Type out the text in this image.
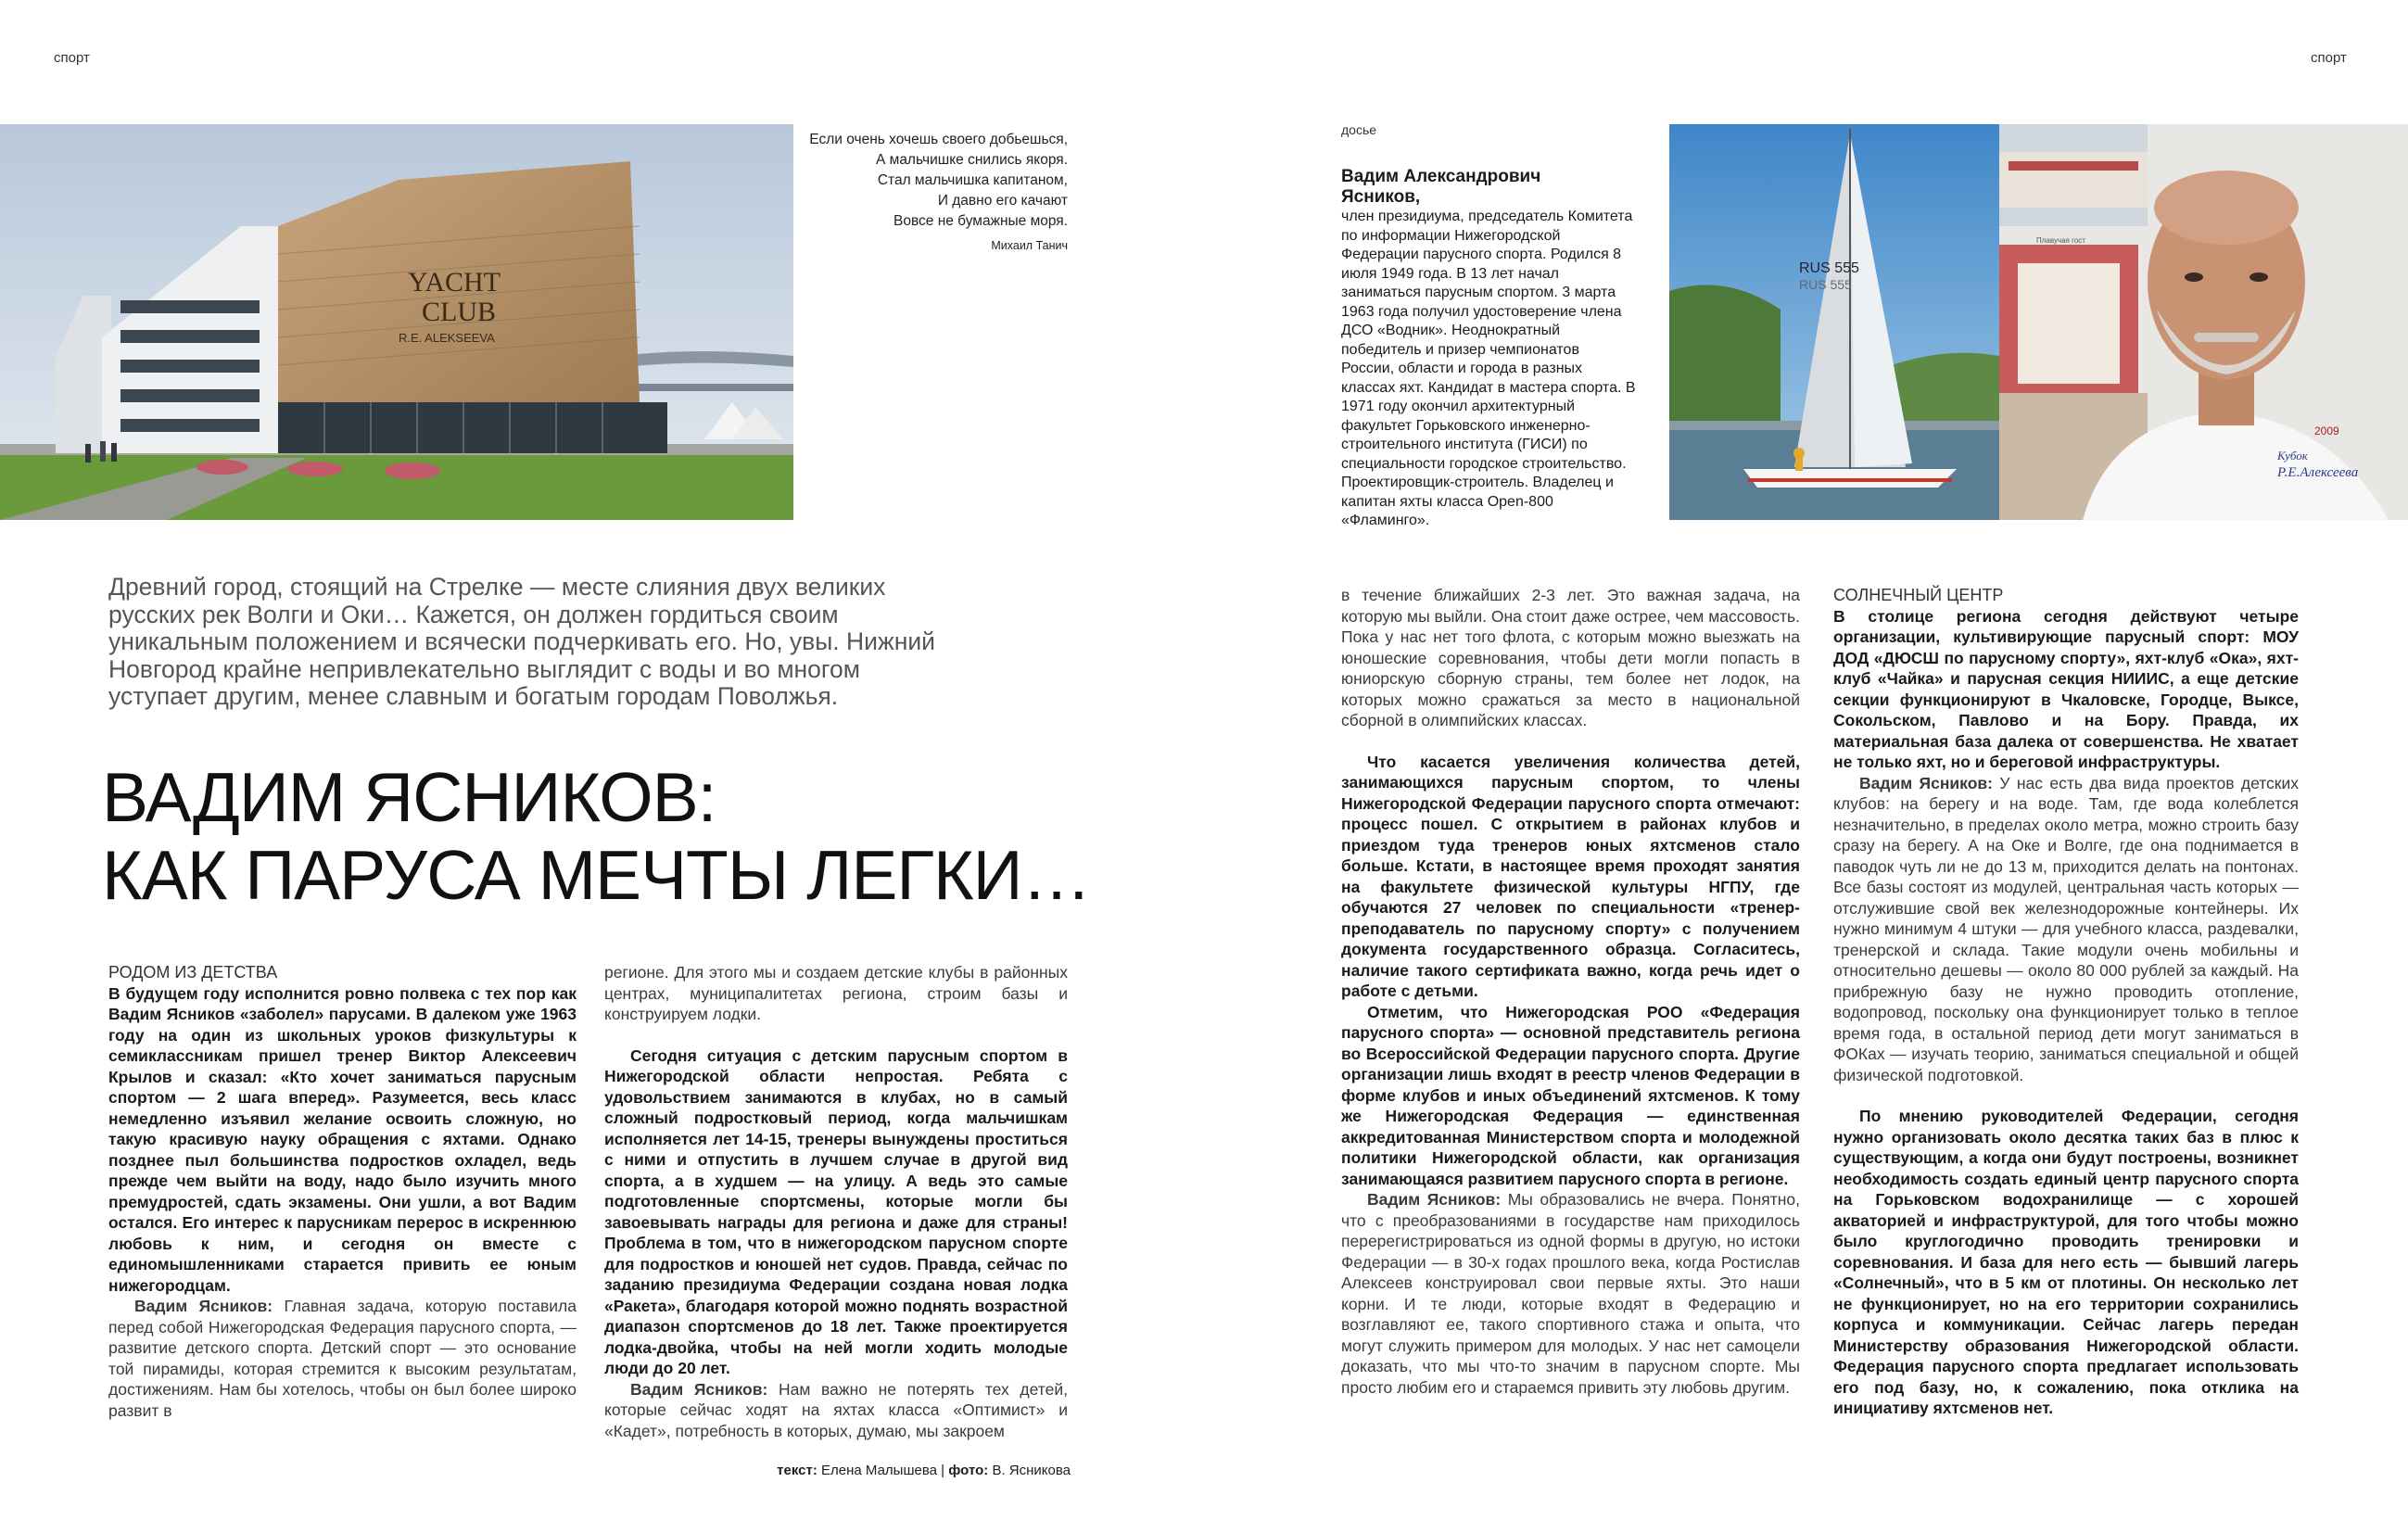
спорт	спорт
YACHT
CLUB
R.E. ALEKSEEVA
Если очень хочешь своего добьешься,
А мальчишке снились якоря.
Стал мальчишка капитаном,
И давно его качают
Вовсе не бумажные моря.
Михаил Танич
Древний город, стоящий на Стрелке — месте слияния двух великих русских рек Волги и Оки… Кажется, он должен гордиться своим уникальным положением и всячески подчеркивать его. Но, увы. Нижний Новгород крайне непривлекательно выглядит с воды и во многом уступает другим, менее славным и богатым городам Поволжья.
ВАДИМ ЯСНИКОВ:
КАК ПАРУСА МЕЧТЫ ЛЕГКИ…

РОДОМ ИЗ ДЕТСТВА

В будущем году исполнится ровно полвека с тех пор как Вадим Ясников «заболел» парусами. В далеком уже 1963 году на один из школьных уроков физкультуры к семиклассникам пришел тренер Виктор Алексеевич Крылов и сказал: «Кто хочет заниматься парусным спортом — 2 шага вперед». Разумеется, весь класс немедленно изъявил желание освоить сложную, но такую красивую науку обращения с яхтами. Однако позднее пыл большинства подростков охладел, ведь прежде чем выйти на воду, надо было изучить много премудростей, сдать экзамены. Они ушли, а вот Вадим остался. Его интерес к парусникам перерос в искреннюю любовь к ним, и сегодня он вместе с единомышленниками старается привить ее юным нижегородцам.

Вадим Ясников: Главная задача, которую поставила перед собой Нижегородская Федерация парусного спорта, — развитие детского спорта. Детский спорт — это основание той пирамиды, которая стремится к высоким результатам, достижениям. Нам бы хотелось, чтобы он был более широко развит в

регионе. Для этого мы и создаем детские клубы в районных центрах, муниципалитетах региона, строим базы и конструируем лодки.

Сегодня ситуация с детским парусным спортом в Нижегородской области непростая. Ребята с удовольствием занимаются в клубах, но в самый сложный подростковый период, когда мальчишкам исполняется лет 14-15, тренеры вынуждены проститься с ними и отпустить в лучшем случае в другой вид спорта, а в худшем — на улицу. А ведь это самые подготовленные спортсмены, которые могли бы завоевывать награды для региона и даже для страны! Проблема в том, что в нижегородском парусном спорте для подростков и юношей нет судов. Правда, сейчас по заданию президиума Федерации создана новая лодка «Ракета», благодаря которой можно поднять возрастной диапазон спортсменов до 18 лет. Также проектируется лодка-двойка, чтобы на ней могли ходить молодые люди до 20 лет.

Вадим Ясников: Нам важно не потерять тех детей, которые сейчас ходят на яхтах класса «Оптимист» и «Кадет», потребность в которых, думаю, мы закроем

текст: Елена Малышева | фото: В. Ясникова
досье
Вадим Александрович
Ясников,
член президиума, председатель Комитета по информации Нижегородской Федерации парусного спорта. Родился 8 июля 1949 года. В 13 лет начал заниматься парусным спортом. 3 марта 1963 года получил удостоверение члена ДСО «Водник». Неоднократный победитель и призер чемпионатов России, области и города в разных классах яхт. Кандидат в мастера спорта. В 1971 году окончил архитектурный факультет Горьковского инженерно-строительного института (ГИСИ) по специальности городское строительство. Проектировщик-строитель. Владелец и капитан яхты класса Open-800 «Фламинго».
RUS 555
RUS 555
Плавучая гост
2009
Кубок
Р.Е.Алексеева

в течение ближайших 2-3 лет. Это важная задача, на которую мы выйли. Она стоит даже острее, чем массовость. Пока у нас нет того флота, с которым можно выезжать на юношеские соревнования, чтобы дети могли попасть в юниорскую сборную страны, тем более нет лодок, на которых можно сражаться за место в национальной сборной в олимпийских классах.

Что касается увеличения количества детей, занимающихся парусным спортом, то члены Нижегородской Федерации парусного спорта отмечают: процесс пошел. С открытием в районах клубов и приездом туда тренеров юных яхтсменов стало больше. Кстати, в настоящее время проходят занятия на факультете физической культуры НГПУ, где обучаются 27 человек по специальности «тренер-преподаватель по парусному спорту» с получением документа государственного образца. Согласитесь, наличие такого сертификата важно, когда речь идет о работе с детьми.

Отметим, что Нижегородская РОО «Федерация парусного спорта» — основной представитель региона во Всероссийской Федерации парусного спорта. Другие организации лишь входят в реестр членов Федерации в форме клубов и иных объединений яхтсменов. К тому же Нижегородская Федерация — единственная аккредитованная Министерством спорта и молодежной политики Нижегородской области, как организация занимающаяся развитием парусного спорта в регионе.

Вадим Ясников: Мы образовались не вчера. Понятно, что с преобразованиями в государстве нам приходилось перерегистрироваться из одной формы в другую, но истоки Федерации — в 30-х годах прошлого века, когда Ростислав Алексеев конструировал свои первые яхты. Это наши корни. И те люди, которые входят в Федерацию и возглавляют ее, такого спортивного стажа и опыта, что могут служить примером для молодых. У нас нет самоцели доказать, что мы что-то значим в парусном спорте. Мы просто любим его и стараемся привить эту любовь другим.

СОЛНЕЧНЫЙ ЦЕНТР

В столице региона сегодня действуют четыре организации, культивирующие парусный спорт: МОУ ДОД «ДЮСШ по парусному спорту», яхт-клуб «Ока», яхт-клуб «Чайка» и парусная секция НИИИС, а еще детские секции функционируют в Чкаловске, Городце, Выксе, Сокольском, Павлово и на Бору. Правда, их материальная база далека от совершенства. Не хватает не только яхт, но и береговой инфраструктуры.

Вадим Ясников: У нас есть два вида проектов детских клубов: на берегу и на воде. Там, где вода колеблется незначительно, в пределах около метра, можно строить базу сразу на берегу. А на Оке и Волге, где она поднимается в паводок чуть ли не до 13 м, приходится делать на понтонах. Все базы состоят из модулей, центральная часть которых — отслужившие свой век железнодорожные контейнеры. Их нужно минимум 4 штуки — для учебного класса, раздевалки, тренерской и склада. Такие модули очень мобильны и относительно дешевы — около 80 000 рублей за каждый. На прибрежную базу не нужно проводить отопление, водопровод, поскольку она функционирует только в теплое время года, в остальной период дети могут заниматься в ФОКах — изучать теорию, заниматься специальной и общей физической подготовкой.

По мнению руководителей Федерации, сегодня нужно организовать около десятка таких баз в плюс к существующим, а когда они будут построены, возникнет необходимость создать единый центр парусного спорта на Горьковском водохранилище — с хорошей акваторией и инфраструктурой, для того чтобы можно было круглогодично проводить тренировки и соревнования. И база для него есть — бывший лагерь «Солнечный», что в 5 км от плотины. Он несколько лет не функционирует, но на его территории сохранились корпуса и коммуникации. Сейчас лагерь передан Министерству образования Нижегородской области. Федерация парусного спорта предлагает использовать его под базу, но, к сожалению, пока отклика на инициативу яхтсменов нет.
